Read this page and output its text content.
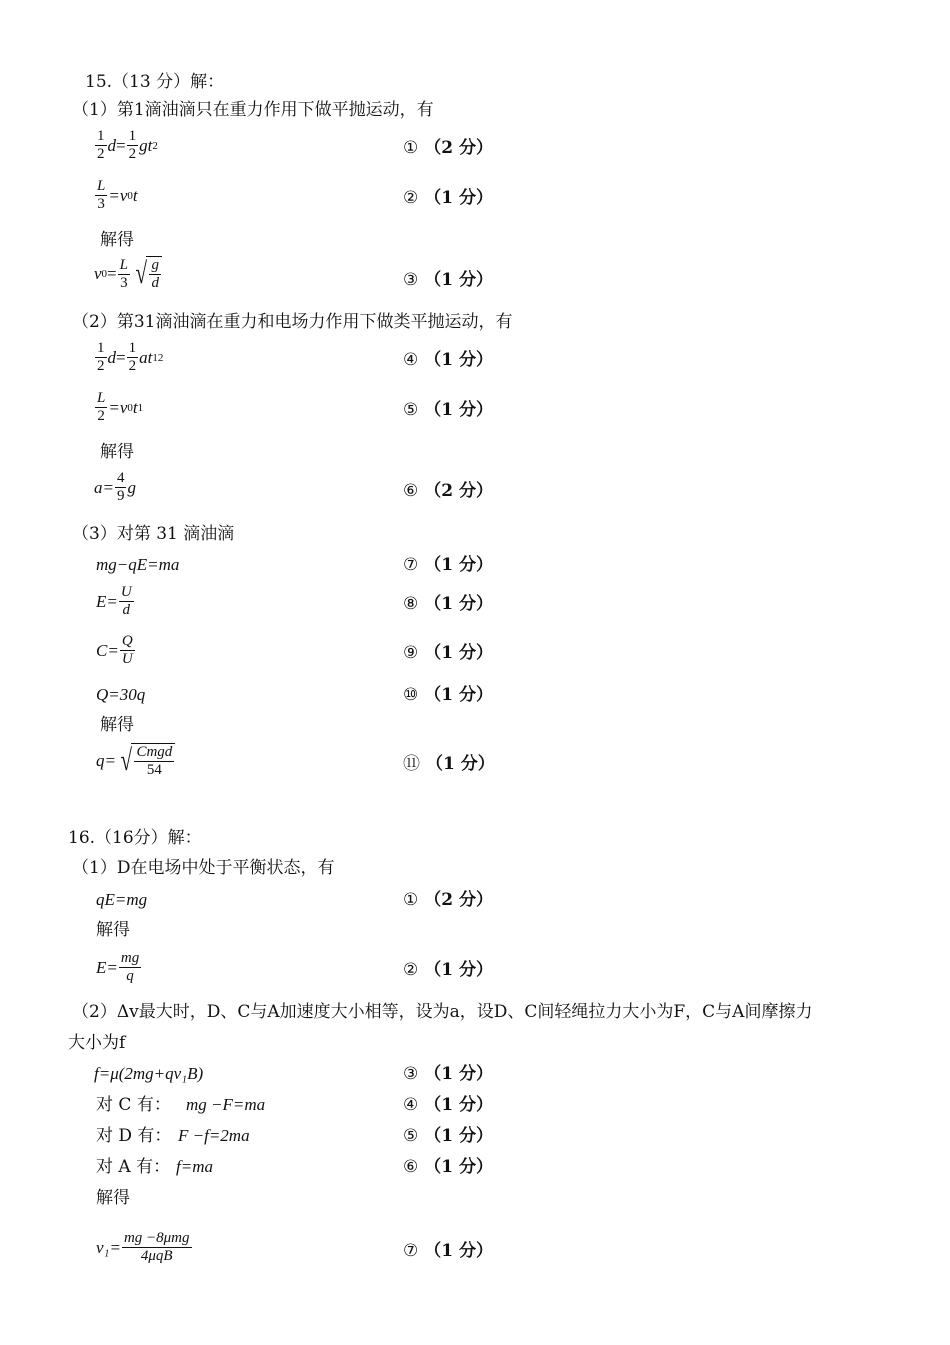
15.（13 分）解：
（1）第1滴油滴只在重力作用下做平抛运动，有
$\frac{1}{2}$ $d = \frac{1}{2}$ g t 2	① （2 分）
$\frac{L}{3} =v$ 0 t	② （1 分）
解得
v $0 = \frac{L}{3}$ √ $\frac{g}{d}$	③ （1 分）
（2）第31滴油滴在重力和电场力作用下做类平抛运动，有
$\frac{1}{2}$ $d = \frac{1}{2}$ a t 1 2	④ （1 分）
$\frac{L}{2} =v$ 0 t 1	⑤ （1 分）
解得
$a= \frac{4}{9}$ g	⑥ （2 分）
（3）对第 31 滴油滴
mg−qE=ma	⑦ （1 分）
$E= \frac{U}{d}$	⑧ （1 分）
$C= \frac{Q}{U}$	⑨ （1 分）
Q=30q	⑩ （1 分）
解得
q= √ $\frac{\text{Cmgd}}{54}$	⑪ （1 分）
16.（16分）解：
（1）D在电场中处于平衡状态，有
qE=mg	① （2 分）
解得
$E= \frac{mg}{q}$	② （1 分）
（2）Δv最大时，D、C与A加速度大小相等，设为a，设D、C间轻绳拉力大小为F，C与A间摩擦力
大小为f
f=μ(2mg+qv₁B)	③ （1 分）
对 C 有： mg −F=ma	④ （1 分）
对 D 有： F −f=2ma	⑤ （1 分）
对 A 有： f=ma	⑥ （1 分）
解得
$v_1= \frac{\text{mg −8μmg}}{\text{4μqB}}$	⑦ （1 分）
